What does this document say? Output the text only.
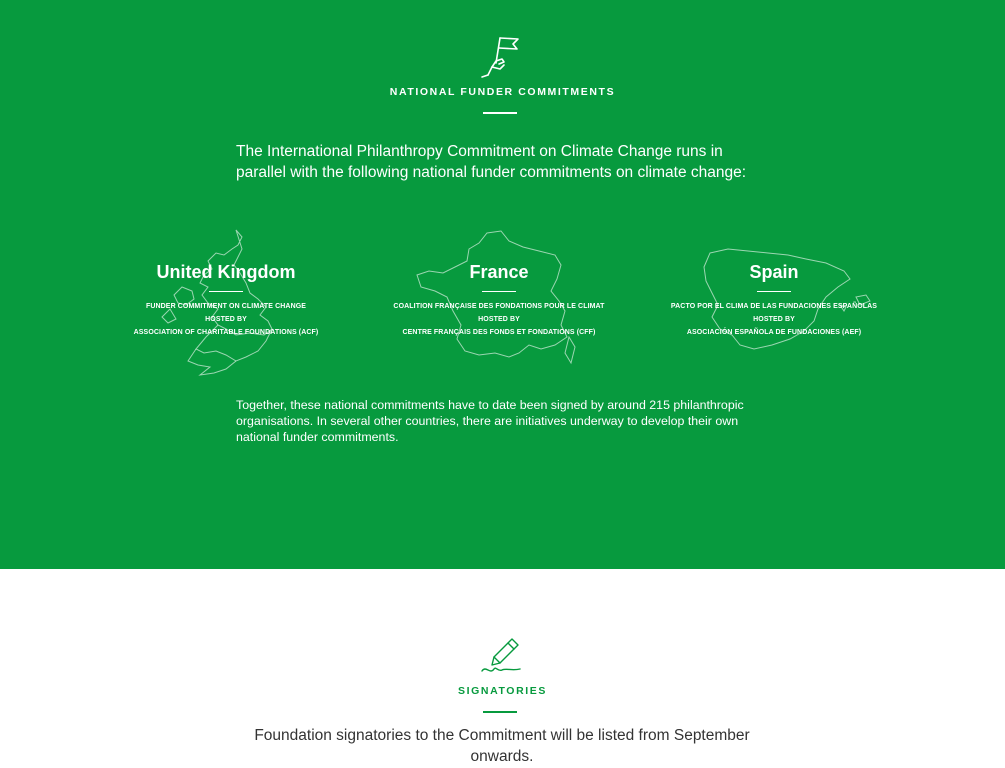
NATIONAL FUNDER COMMITMENTS
The International Philanthropy Commitment on Climate Change runs in parallel with the following national funder commitments on climate change:
United Kingdom
FUNDER COMMITMENT ON CLIMATE CHANGE
HOSTED BY
ASSOCIATION OF CHARITABLE FOUNDATIONS (ACF)
France
COALITION FRANÇAISE DES FONDATIONS POUR LE CLIMAT
HOSTED BY
CENTRE FRANÇAIS DES FONDS ET FONDATIONS (CFF)
Spain
PACTO POR EL CLIMA DE LAS FUNDACIONES ESPAÑOLAS
HOSTED BY
ASOCIACIÓN ESPAÑOLA DE FUNDACIONES (AEF)
Together, these national commitments have to date been signed by around 215 philanthropic organisations. In several other countries, there are initiatives underway to develop their own national funder commitments.
SIGNATORIES
Foundation signatories to the Commitment will be listed from September onwards.
